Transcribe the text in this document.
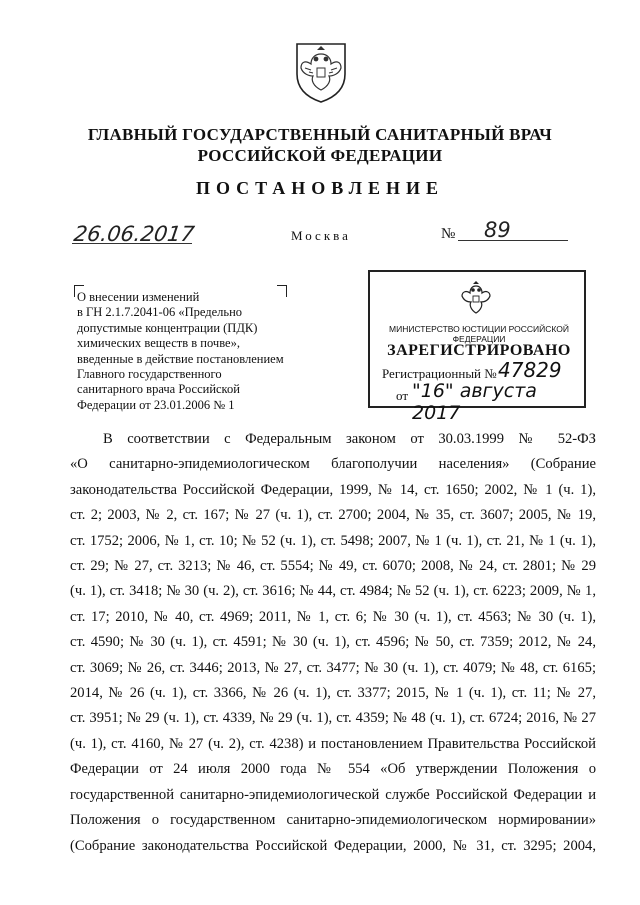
ГЛАВНЫЙ ГОСУДАРСТВЕННЫЙ САНИТАРНЫЙ ВРАЧ
РОССИЙСКОЙ ФЕДЕРАЦИИ
ПОСТАНОВЛЕНИЕ
26.06.2017	Москва	№ 89
О внесении изменений
в ГН 2.1.7.2041-06 «Предельно
допустимые концентрации (ПДК)
химических веществ в почве»,
введенные в действие постановлением
Главного государственного
санитарного врача Российской
Федерации от 23.01.2006 № 1
МИНИСТЕРСТВО ЮСТИЦИИ РОССИЙСКОЙ ФЕДЕРАЦИИ
ЗАРЕГИСТРИРОВАНО
Регистрационный № 47829
от "16" августа 2017
В соответствии с Федеральным законом от 30.03.1999 № 52-ФЗ
«О санитарно-эпидемиологическом благополучии населения» (Собрание
законодательства Российской Федерации, 1999, № 14, ст. 1650; 2002, № 1 (ч. 1),
ст. 2; 2003, № 2, ст. 167; № 27 (ч. 1), ст. 2700; 2004, № 35, ст. 3607; 2005, № 19,
ст. 1752; 2006, № 1, ст. 10; № 52 (ч. 1), ст. 5498; 2007, № 1 (ч. 1), ст. 21, № 1 (ч. 1),
ст. 29; № 27, ст. 3213; № 46, ст. 5554; № 49, ст. 6070; 2008, № 24, ст. 2801; № 29
(ч. 1), ст. 3418; № 30 (ч. 2), ст. 3616; № 44, ст. 4984; № 52 (ч. 1), ст. 6223; 2009, № 1,
ст. 17; 2010, № 40, ст. 4969; 2011, № 1, ст. 6; № 30 (ч. 1), ст. 4563; № 30 (ч. 1),
ст. 4590; № 30 (ч. 1), ст. 4591; № 30 (ч. 1), ст. 4596; № 50, ст. 7359; 2012, № 24,
ст. 3069; № 26, ст. 3446; 2013, № 27, ст. 3477; № 30 (ч. 1), ст. 4079; № 48, ст. 6165;
2014, № 26 (ч. 1), ст. 3366, № 26 (ч. 1), ст. 3377; 2015, № 1 (ч. 1), ст. 11; № 27,
ст. 3951; № 29 (ч. 1), ст. 4339, № 29 (ч. 1), ст. 4359; № 48 (ч. 1), ст. 6724; 2016, № 27
(ч. 1), ст. 4160, № 27 (ч. 2), ст. 4238) и постановлением Правительства Российской
Федерации от 24 июля 2000 года № 554 «Об утверждении Положения о
государственной санитарно-эпидемиологической службе Российской Федерации и
Положения о государственном санитарно-эпидемиологическом нормировании»
(Собрание законодательства Российской Федерации, 2000, № 31, ст. 3295; 2004,
